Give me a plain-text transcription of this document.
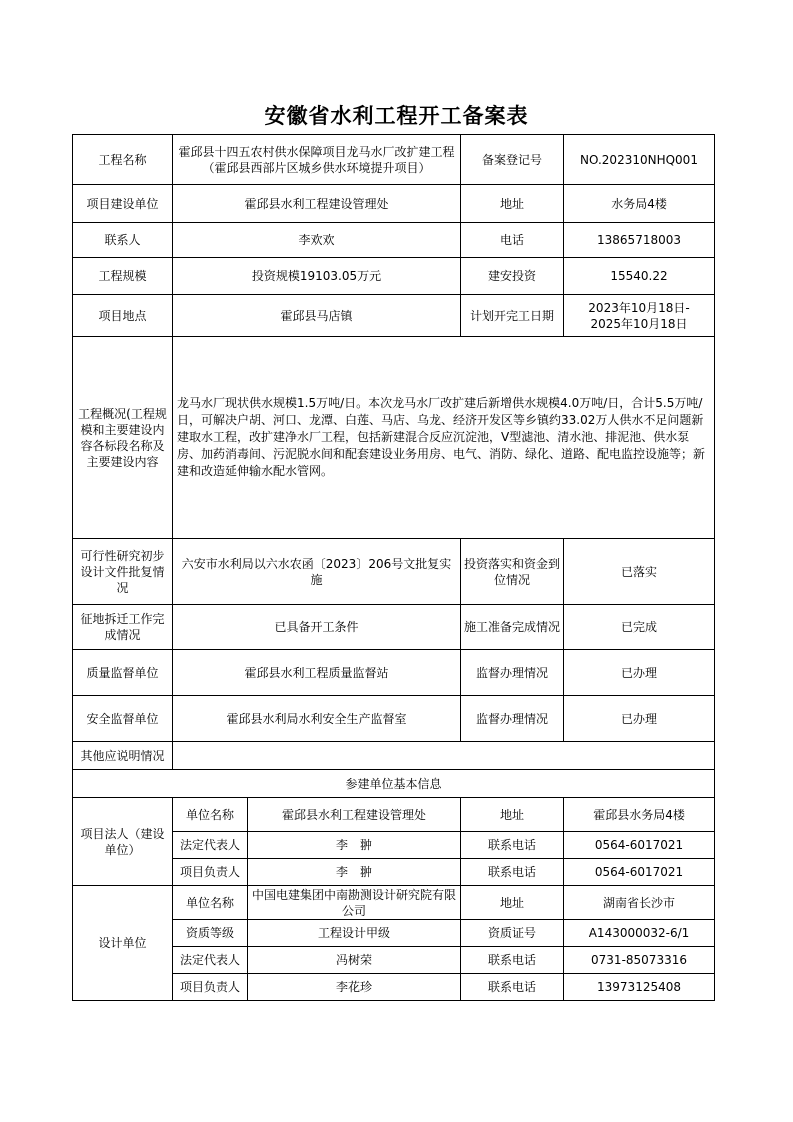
安徽省水利工程开工备案表
工程名称	霍邱县十四五农村供水保障项目龙马水厂改扩建工程
（霍邱县西部片区城乡供水环境提升项目）		备案登记号	NO.202310NHQ001
项目建设单位	霍邱县水利工程建设管理处		地址	水务局4楼
联系人	李欢欢		电话	13865718003
工程规模	投资规模19103.05万元		建安投资	15540.22
项目地点	霍邱县马店镇		计划开完工日期	2023年10月18日-
2025年10月18日

工程概况(工程规模和主要建设内容各标段名称及主要建设内容	龙马水厂现状供水规模1.5万吨/日。本次龙马水厂改扩建后新增供水规模4.0万吨/日，合计5.5万吨/日，可解决户胡、河口、龙潭、白莲、马店、乌龙、经济开发区等乡镇约33.02万人供水不足问题新建取水工程，改扩建净水厂工程，包括新建混合反应沉淀池，V型滤池、清水池、排泥池、供水泵房、加药消毒间、污泥脱水间和配套建设业务用房、电气、消防、绿化、道路、配电监控设施等；新建和改造延伸输水配水管网。			
可行性研究初步设计文件批复情况	六安市水利局以六水农函〔2023〕206号文批复实施		投资落实和资金到位情况	已落实
征地拆迁工作完成情况	已具备开工条件		施工准备完成情况	已完成
质量监督单位	霍邱县水利工程质量监督站		监督办理情况	已办理
安全监督单位	霍邱县水利局水利安全生产监督室		监督办理情况	已办理
其他应说明情况				
参建单位基本信息				
项目法人（建设单位）	单位名称	霍邱县水利工程建设管理处	地址	霍邱县水务局4楼
	法定代表人	李　翀	联系电话	0564-6017021
	项目负责人	李　翀	联系电话	0564-6017021
设计单位	单位名称	中国电建集团中南勘测设计研究院有限公司	地址	湖南省长沙市
	资质等级	工程设计甲级	资质证号	A143000032-6/1
	法定代表人	冯树荣	联系电话	0731-85073316
	项目负责人	李花珍	联系电话	13973125408
